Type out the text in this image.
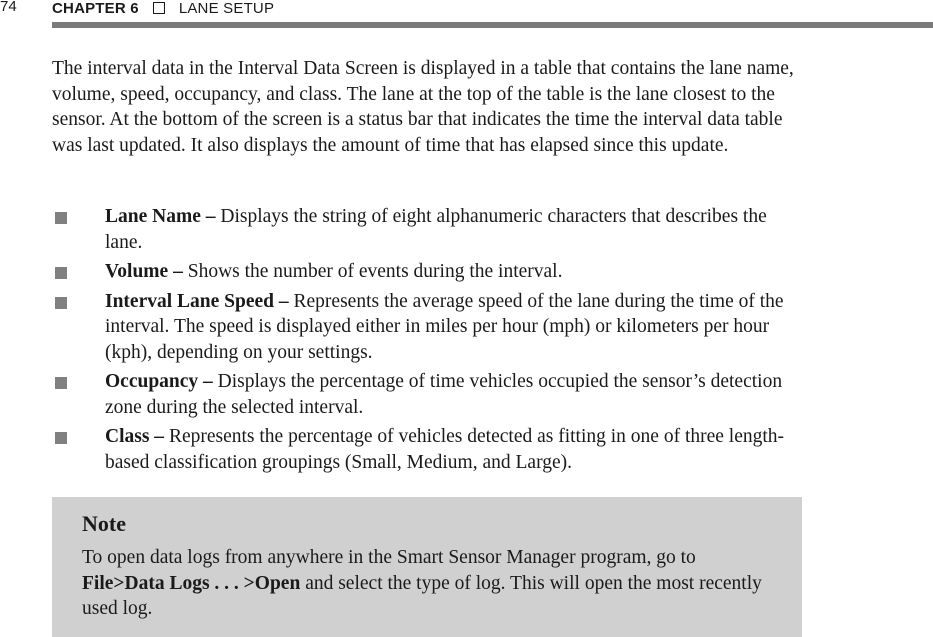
74 CHAPTER 6	LANE SETUP

The interval data in the Interval Data Screen is displayed in a table that contains the lane name, volume, speed, occupancy, and class. The lane at the top of the table is the lane closest to the sensor. At the bottom of the screen is a status bar that indicates the time the interval data table was last updated. It also displays the amount of time that has elapsed since this update.

Lane Name – Displays the string of eight alphanumeric characters that describes the lane.
Volume – Shows the number of events during the interval.
Interval Lane Speed – Represents the average speed of the lane during the time of the interval. The speed is displayed either in miles per hour (mph) or kilometers per hour (kph), depending on your settings.
Occupancy – Displays the percentage of time vehicles occupied the sensor’s detection zone during the selected interval.
Class – Represents the percentage of vehicles detected as fitting in one of three length-based classification groupings (Small, Medium, and Large).
Note

To open data logs from anywhere in the Smart Sensor Manager program, go to File>Data Logs . . . >Open and select the type of log. This will open the most recently used log.
